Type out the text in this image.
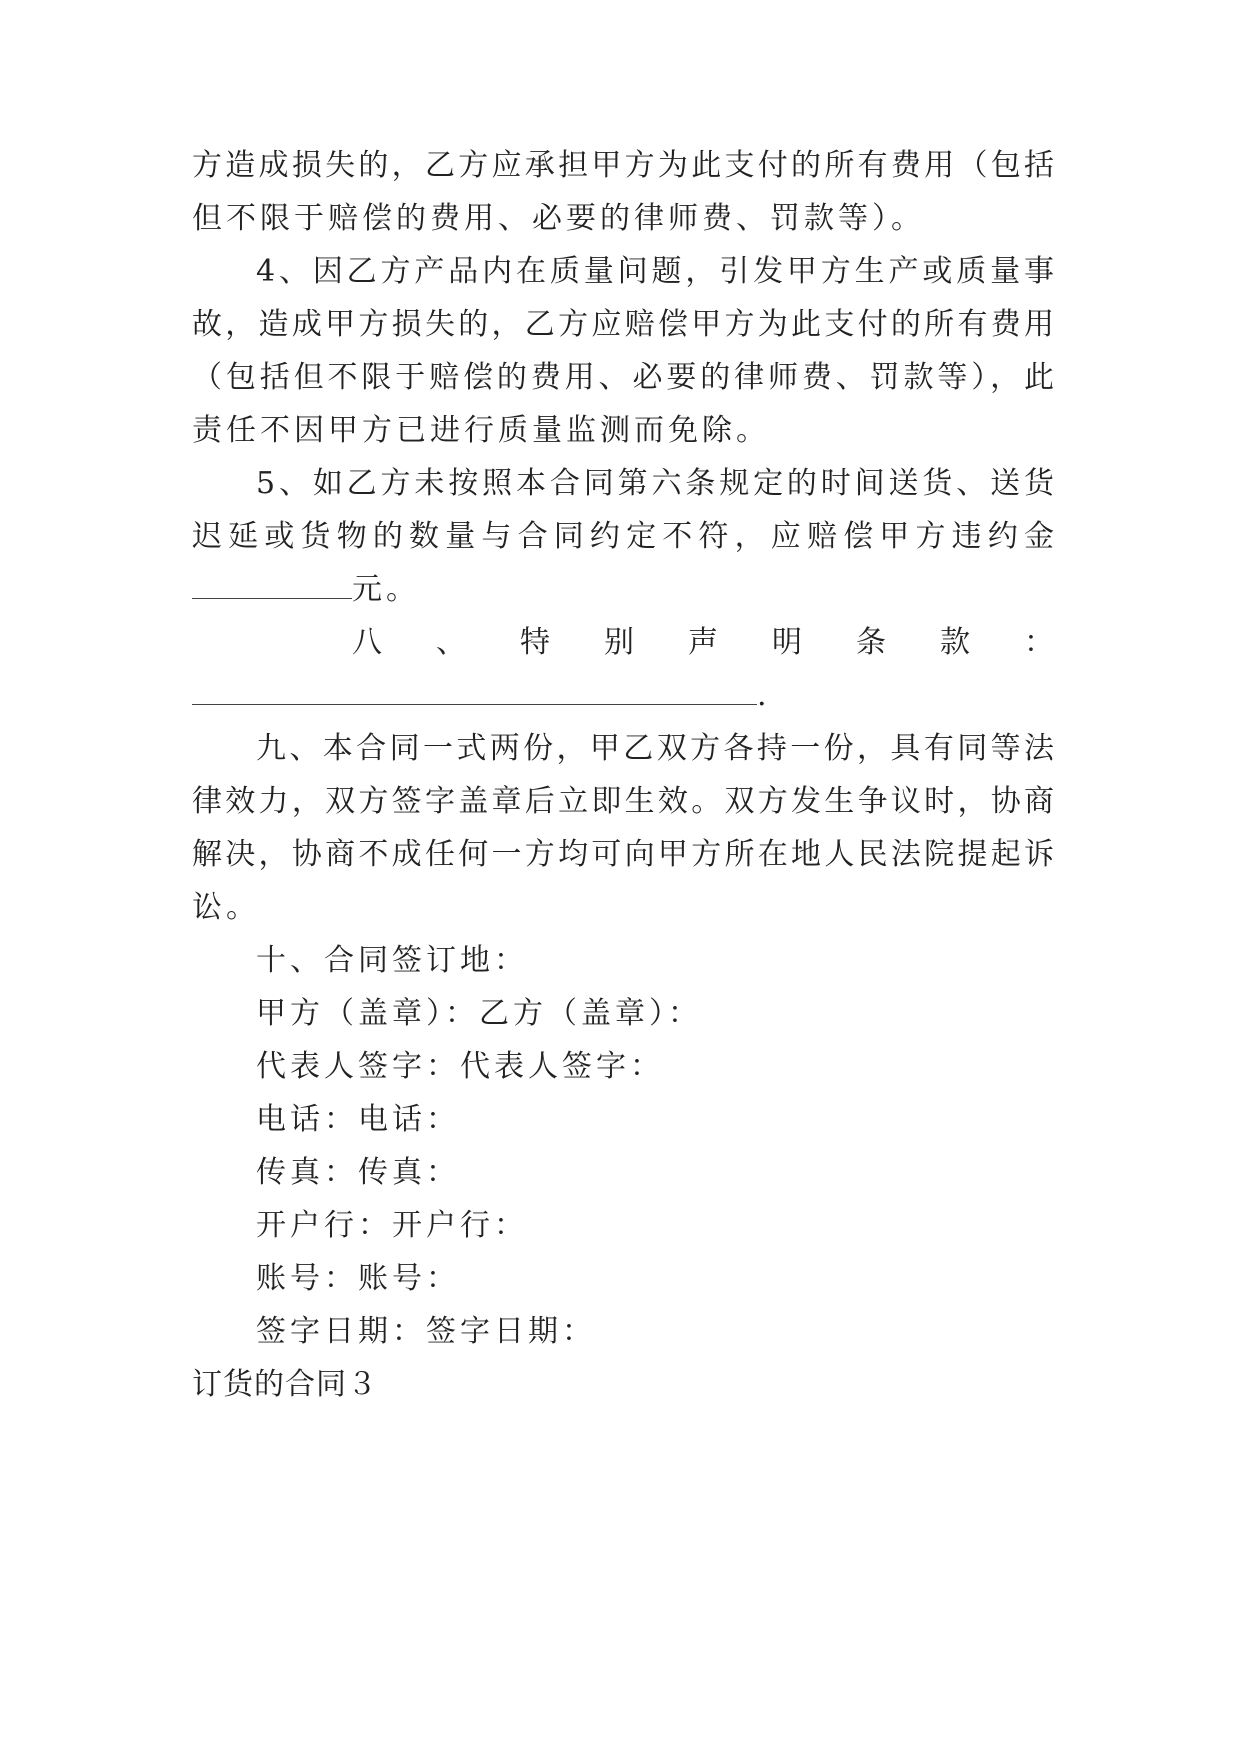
方造成损失的，乙方应承担甲方为此支付的所有费用（包括
但不限于赔偿的费用、必要的律师费、罚款等）。
4、因乙方产品内在质量问题，引发甲方生产或质量事
故，造成甲方损失的，乙方应赔偿甲方为此支付的所有费用
（包括但不限于赔偿的费用、必要的律师费、罚款等），此
责任不因甲方已进行质量监测而免除。
5、如乙方未按照本合同第六条规定的时间送货、送货
迟延或货物的数量与合同约定不符，应赔偿甲方违约金
元。
八 、 特 别 声 明 条 款 ：
.
九、本合同一式两份，甲乙双方各持一份，具有同等法
律效力，双方签字盖章后立即生效。双方发生争议时，协商
解决，协商不成任何一方均可向甲方所在地人民法院提起诉
讼。
十、合同签订地：
甲方（盖章）：乙方（盖章）：
代表人签字：代表人签字：
电话：电话：
传真：传真：
开户行：开户行：
账号：账号：
签字日期：签字日期：
订货的合同３
